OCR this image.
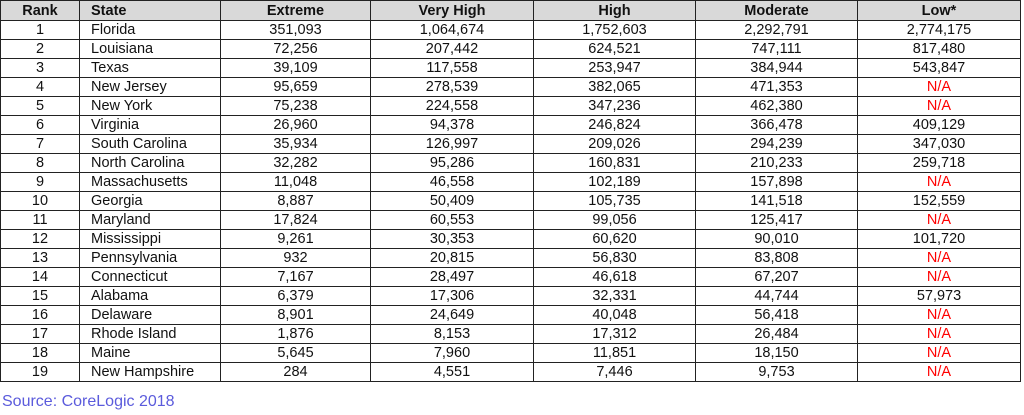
Rank	State	Extreme	Very High	High	Moderate	Low*
1	Florida	351,093	1,064,674	1,752,603	2,292,791	2,774,175
2	Louisiana	72,256	207,442	624,521	747,111	817,480
3	Texas	39,109	117,558	253,947	384,944	543,847
4	New Jersey	95,659	278,539	382,065	471,353	N/A
5	New York	75,238	224,558	347,236	462,380	N/A
6	Virginia	26,960	94,378	246,824	366,478	409,129
7	South Carolina	35,934	126,997	209,026	294,239	347,030
8	North Carolina	32,282	95,286	160,831	210,233	259,718
9	Massachusetts	11,048	46,558	102,189	157,898	N/A
10	Georgia	8,887	50,409	105,735	141,518	152,559
11	Maryland	17,824	60,553	99,056	125,417	N/A
12	Mississippi	9,261	30,353	60,620	90,010	101,720
13	Pennsylvania	932	20,815	56,830	83,808	N/A
14	Connecticut	7,167	28,497	46,618	67,207	N/A
15	Alabama	6,379	17,306	32,331	44,744	57,973
16	Delaware	8,901	24,649	40,048	56,418	N/A
17	Rhode Island	1,876	8,153	17,312	26,484	N/A
18	Maine	5,645	7,960	11,851	18,150	N/A
19	New Hampshire	284	4,551	7,446	9,753	N/A
Source: CoreLogic 2018
